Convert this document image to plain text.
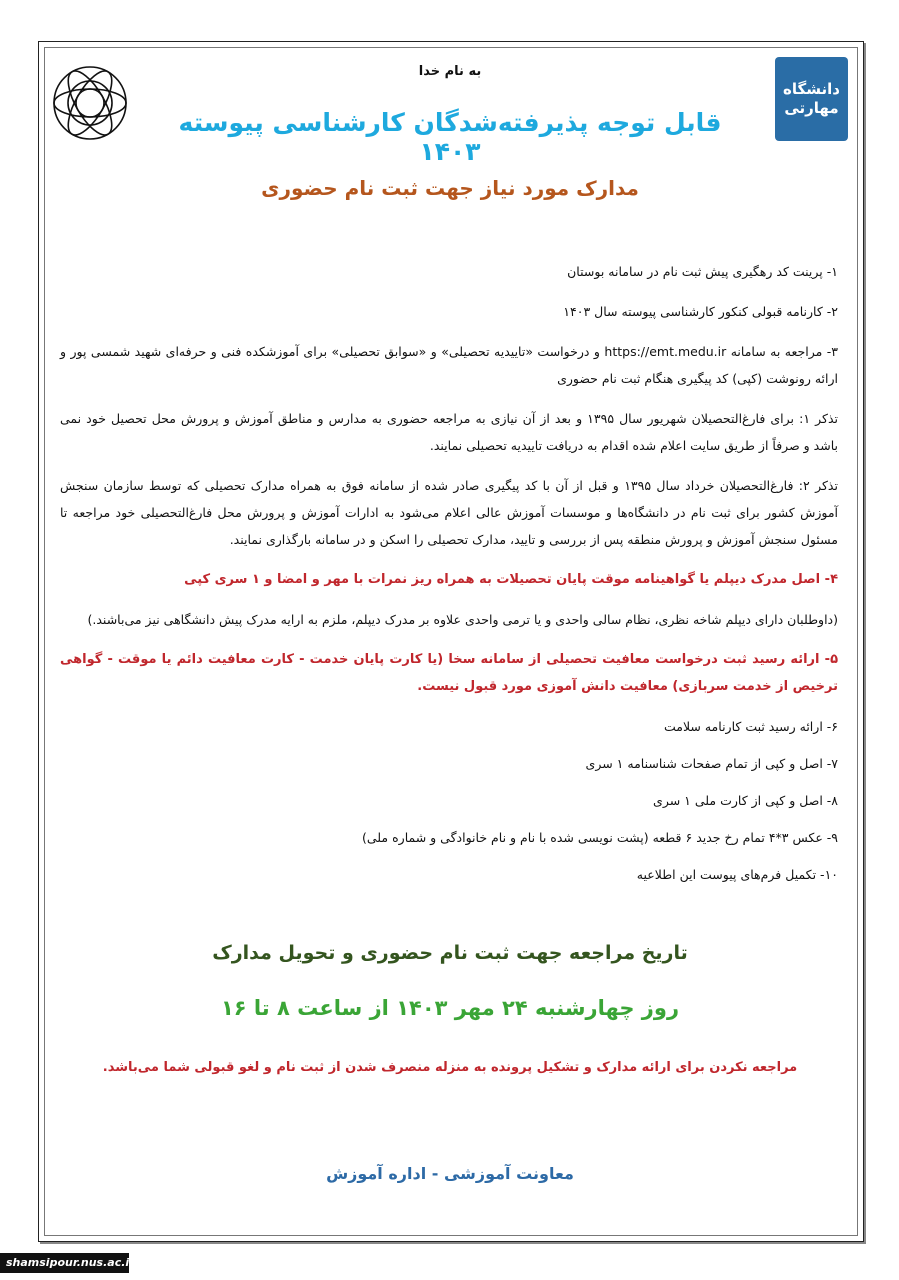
دانشگاه مهارتی
به نام خدا
قابل توجه پذیرفته‌شدگان کارشناسی پیوسته ۱۴۰۳
مدارک مورد نیاز جهت ثبت نام حضوری

۱- پرینت کد رهگیری پیش ثبت نام در سامانه بوستان

۲- کارنامه قبولی کنکور کارشناسی پیوسته سال ۱۴۰۳

۳- مراجعه به سامانه https://emt.medu.ir و درخواست «تاییدیه تحصیلی» و «سوابق تحصیلی» برای آموزشکده فنی و حرفه‌ای شهید شمسی پور و ارائه رونوشت (کپی) کد پیگیری هنگام ثبت نام حضوری

تذکر ۱: برای فارغ‌التحصیلان شهریور سال ۱۳۹۵ و بعد از آن نیازی به مراجعه حضوری به مدارس و مناطق آموزش و پرورش محل تحصیل خود نمی باشد و صرفاً از طریق سایت اعلام شده اقدام به دریافت تاییدیه تحصیلی نمایند.

تذکر ۲: فارغ‌التحصیلان خرداد سال ۱۳۹۵ و قبل از آن با کد پیگیری صادر شده از سامانه فوق به همراه مدارک تحصیلی که توسط سازمان سنجش آموزش کشور برای ثبت نام در دانشگاه‌ها و موسسات آموزش عالی اعلام می‌شود به ادارات آموزش و پرورش محل فارغ‌التحصیلی خود مراجعه تا مسئول سنجش آموزش و پرورش منطقه پس از بررسی و تایید، مدارک تحصیلی را اسکن و در سامانه بارگذاری نمایند.

۴- اصل مدرک دیپلم یا گواهینامه موقت پایان تحصیلات به همراه ریز نمرات با مهر و امضا و ۱ سری کپی

(داوطلبان دارای دیپلم شاخه نظری، نظام سالی واحدی و یا ترمی واحدی علاوه بر مدرک دیپلم، ملزم به ارایه مدرک پیش دانشگاهی نیز می‌باشند.)

۵- ارائه رسید ثبت درخواست معافیت تحصیلی از سامانه سخا (یا کارت پایان خدمت - کارت معافیت دائم یا موقت - گواهی ترخیص از خدمت سربازی) معافیت دانش آموزی مورد قبول نیست.

۶- ارائه رسید ثبت کارنامه سلامت

۷- اصل و کپی از تمام صفحات شناسنامه ۱ سری

۸- اصل و کپی از کارت ملی ۱ سری

۹- عکس ۳*۴ تمام رخ جدید ۶ قطعه (پشت نویسی شده با نام و نام خانوادگی و شماره ملی)

۱۰- تکمیل فرم‌های پیوست این اطلاعیه

تاریخ مراجعه جهت ثبت نام حضوری و تحویل مدارک
روز چهارشنبه ۲۴ مهر ۱۴۰۳ از ساعت ۸ تا ۱۶
مراجعه نکردن برای ارائه مدارک و تشکیل پرونده به منزله منصرف شدن از ثبت نام و لغو قبولی شما می‌باشد.
معاونت آموزشی - اداره آموزش
shamsipour.nus.ac.ir
